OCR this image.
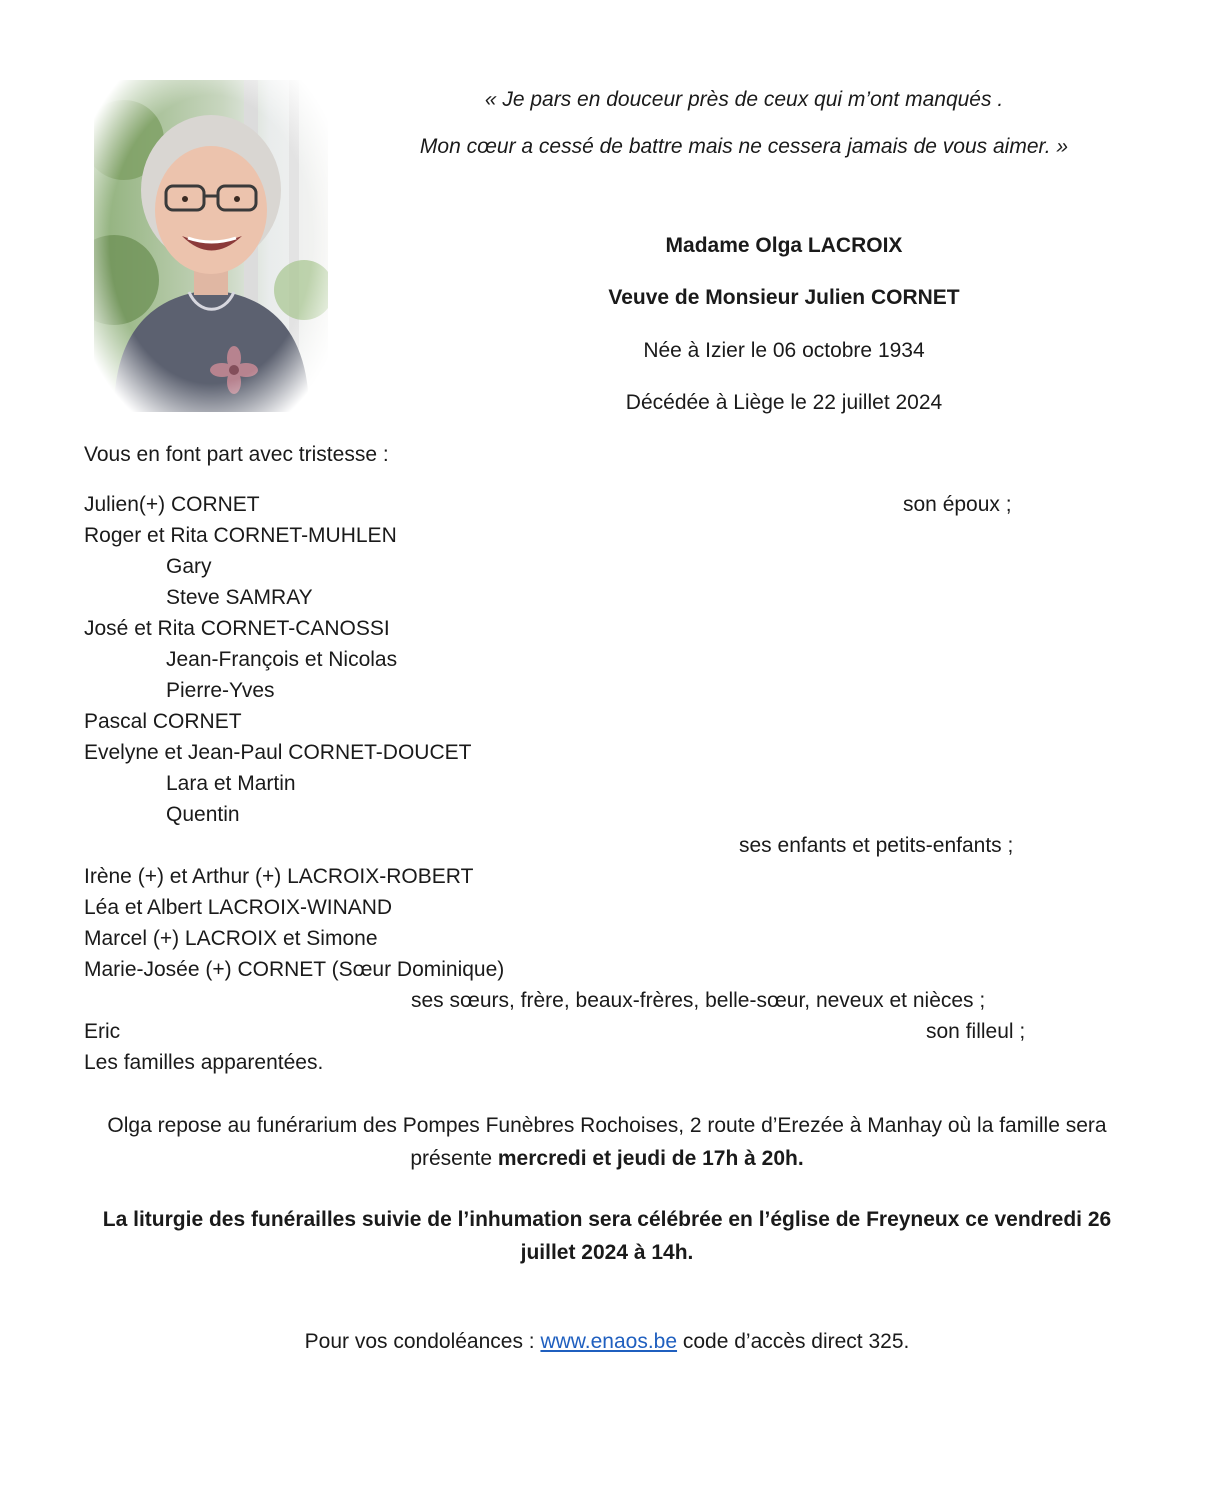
« Je pars en douceur près de ceux qui m’ont manqués .
Mon cœur a cessé de battre mais ne cessera jamais de vous aimer. »
Madame Olga LACROIX
Veuve de Monsieur Julien CORNET
Née à Izier le 06 octobre 1934
Décédée à Liège le 22 juillet 2024
Vous en font part avec tristesse :
Julien(+) CORNET	son époux ;
Roger et Rita CORNET-MUHLEN
Gary
Steve SAMRAY
José et Rita CORNET-CANOSSI
Jean-François et Nicolas
Pierre-Yves
Pascal CORNET
Evelyne et Jean-Paul CORNET-DOUCET
Lara et Martin
Quentin
ses enfants et petits-enfants ;
Irène (+) et Arthur (+) LACROIX-ROBERT
Léa et Albert LACROIX-WINAND
Marcel (+) LACROIX et Simone
Marie-Josée (+) CORNET (Sœur Dominique)
ses sœurs, frère, beaux-frères, belle-sœur, neveux et nièces ;
Eric	son filleul ;
Les familles apparentées.
Olga repose au funérarium des Pompes Funèbres Rochoises, 2 route d’Erezée à Manhay où la famille sera présente mercredi et jeudi de 17h à 20h.
La liturgie des funérailles suivie de l’inhumation sera célébrée en l’église de Freyneux ce vendredi 26 juillet 2024 à 14h.
Pour vos condoléances : www.enaos.be code d’accès direct 325.
